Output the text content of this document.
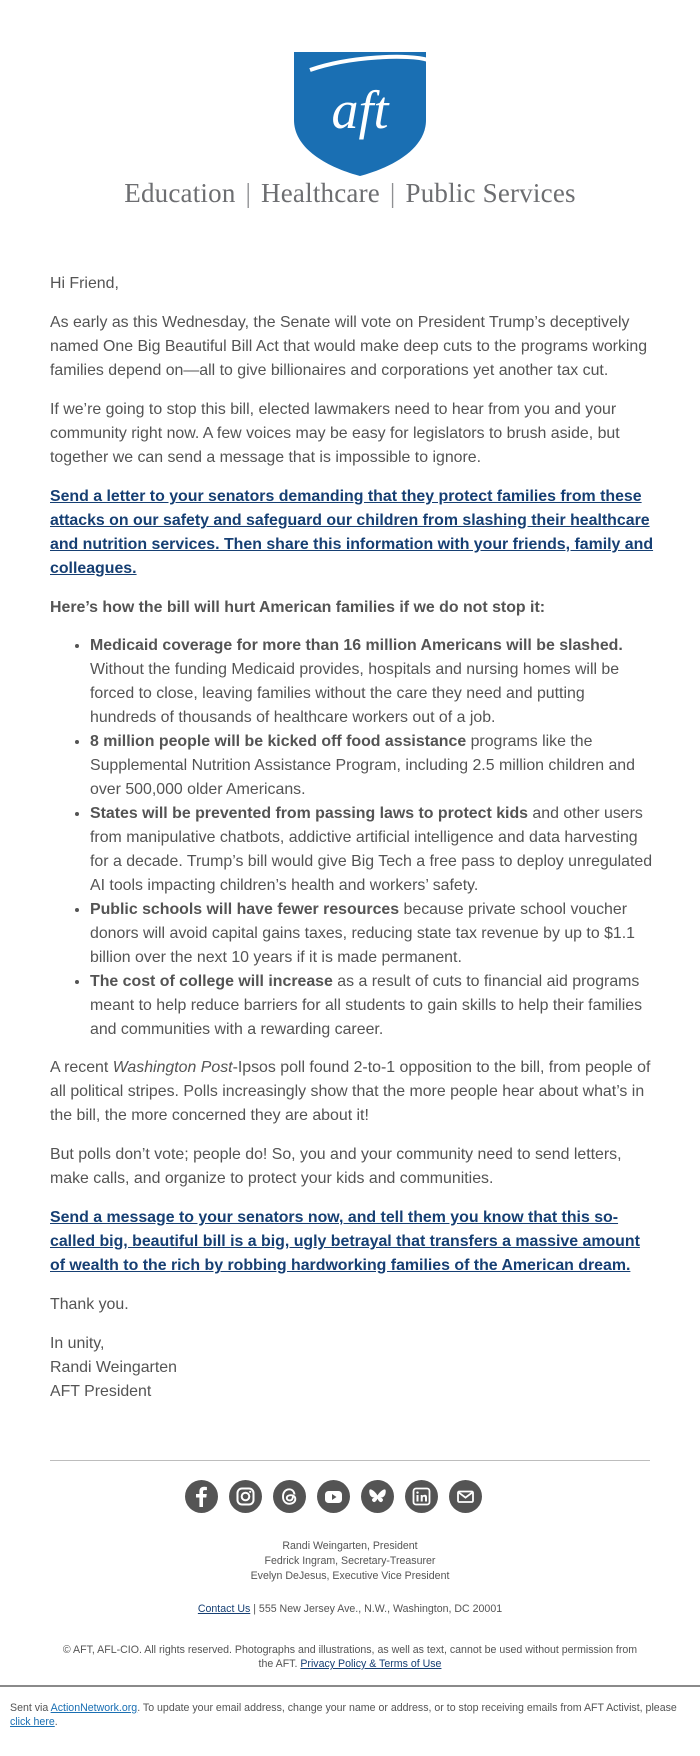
aft
Education | Healthcare | Public Services

Hi Friend,

As early as this Wednesday, the Senate will vote on President Trump’s deceptively named One Big Beautiful Bill Act that would make deep cuts to the programs working families depend on—all to give billionaires and corporations yet another tax cut.

If we’re going to stop this bill, elected lawmakers need to hear from you and your community right now. A few voices may be easy for legislators to brush aside, but together we can send a message that is impossible to ignore.

Send a letter to your senators demanding that they protect families from these attacks on our safety and safeguard our children from slashing their healthcare and nutrition services. Then share this information with your friends, family and colleagues.

Here’s how the bill will hurt American families if we do not stop it:

• Medicaid coverage for more than 16 million Americans will be slashed. Without the funding Medicaid provides, hospitals and nursing homes will be forced to close, leaving families without the care they need and putting hundreds of thousands of healthcare workers out of a job.
• 8 million people will be kicked off food assistance programs like the Supplemental Nutrition Assistance Program, including 2.5 million children and over 500,000 older Americans.
• States will be prevented from passing laws to protect kids and other users from manipulative chatbots, addictive artificial intelligence and data harvesting for a decade. Trump’s bill would give Big Tech a free pass to deploy unregulated AI tools impacting children’s health and workers’ safety.
• Public schools will have fewer resources because private school voucher donors will avoid capital gains taxes, reducing state tax revenue by up to $1.1 billion over the next 10 years if it is made permanent.
• The cost of college will increase as a result of cuts to financial aid programs meant to help reduce barriers for all students to gain skills to help their families and communities with a rewarding career.

A recent Washington Post-Ipsos poll found 2-to-1 opposition to the bill, from people of all political stripes. Polls increasingly show that the more people hear about what’s in the bill, the more concerned they are about it!

But polls don’t vote; people do! So, you and your community need to send letters, make calls, and organize to protect your kids and communities.

Send a message to your senators now, and tell them you know that this so-called big, beautiful bill is a big, ugly betrayal that transfers a massive amount of wealth to the rich by robbing hardworking families of the American dream.

Thank you.

In unity,

Randi Weingarten

AFT President

Randi Weingarten, President
Fedrick Ingram, Secretary-Treasurer
Evelyn DeJesus, Executive Vice President
Contact Us | 555 New Jersey Ave., N.W., Washington, DC 20001
© AFT, AFL-CIO. All rights reserved. Photographs and illustrations, as well as text, cannot be used without permission from the AFT. Privacy Policy & Terms of Use
Sent via ActionNetwork.org. To update your email address, change your name or address, or to stop receiving emails from AFT Activist, please click here.
